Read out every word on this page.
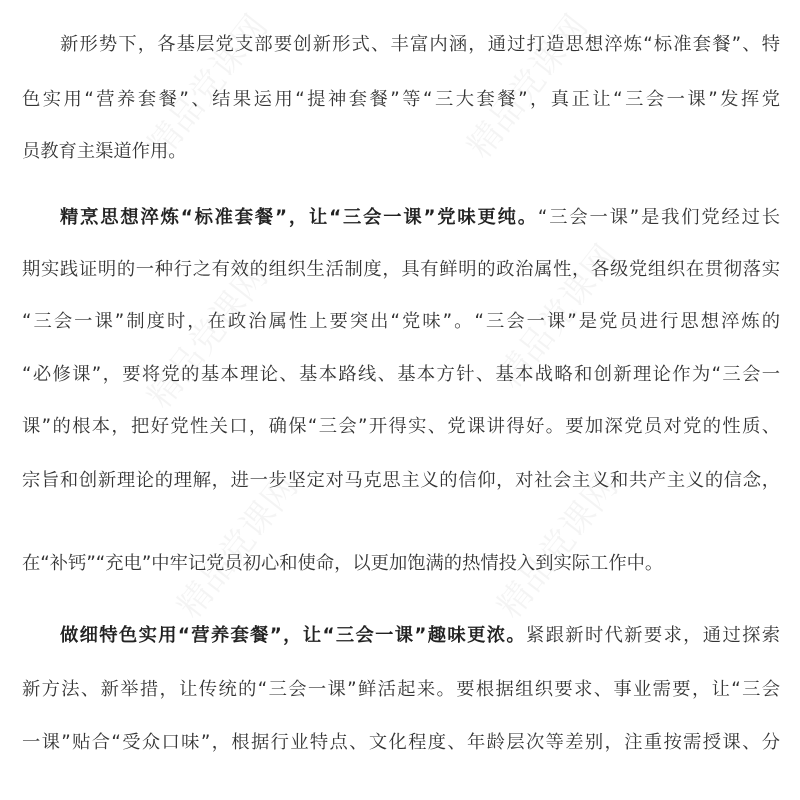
新形势下，各基层党支部要创新形式、丰富内涵，通过打造思想淬炼“标准套餐”、特
色实用“营养套餐”、结果运用“提神套餐”等“三大套餐”，真正让“三会一课”发挥党
员教育主渠道作用。
精烹思想淬炼“标准套餐”，让“三会一课”党味更纯。“三会一课”是我们党经过长
期实践证明的一种行之有效的组织生活制度，具有鲜明的政治属性，各级党组织在贯彻落实
“三会一课”制度时，在政治属性上要突出“党味”。“三会一课”是党员进行思想淬炼的
“必修课”，要将党的基本理论、基本路线、基本方针、基本战略和创新理论作为“三会一
课”的根本，把好党性关口，确保“三会”开得实、党课讲得好。要加深党员对党的性质、
宗旨和创新理论的理解，进一步坚定对马克思主义的信仰，对社会主义和共产主义的信念，
在“补钙”“充电”中牢记党员初心和使命，以更加饱满的热情投入到实际工作中。
做细特色实用“营养套餐”，让“三会一课”趣味更浓。紧跟新时代新要求，通过探索
新方法、新举措，让传统的“三会一课”鲜活起来。要根据组织要求、事业需要，让“三会
一课”贴合“受众口味”，根据行业特点、文化程度、年龄层次等差别，注重按需授课、分
